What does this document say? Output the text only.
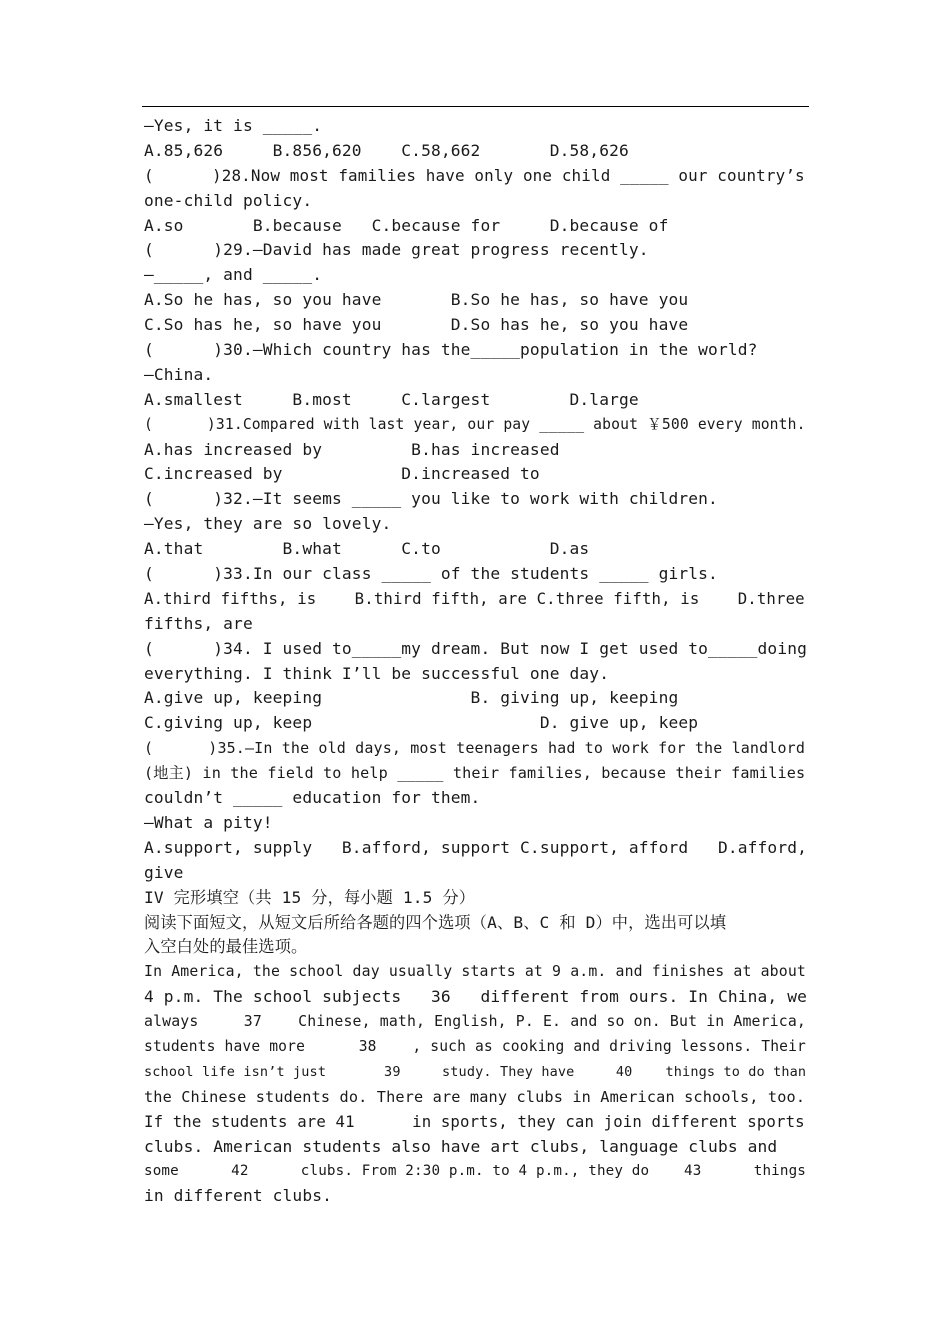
—Yes, it is _____.
A.85,626     B.856,620    C.58,662       D.58,626
(      )28.Now most families have only one child _____ our country’s
one-child policy.
A.so       B.because   C.because for     D.because of
(      )29.—David has made great progress recently.
—_____, and _____.
A.So he has, so you have       B.So he has, so have you
C.So has he, so have you       D.So has he, so you have
(      )30.—Which country has the_____population in the world?
—China.
A.smallest     B.most     C.largest        D.large
(      )31.Compared with last year, our pay _____ about ￥500 every month.
A.has increased by         B.has increased
C.increased by            D.increased to
(      )32.—It seems _____ you like to work with children.
—Yes, they are so lovely.
A.that        B.what      C.to           D.as
(      )33.In our class _____ of the students _____ girls.
A.third fifths, is    B.third fifth, are C.three fifth, is    D.three
fifths, are
(      )34. I used to_____my dream. But now I get used to_____doing
everything. I think I’ll be successful one day.
A.give up, keeping               B. giving up, keeping
C.giving up, keep                       D. give up, keep
(      )35.—In the old days, most teenagers had to work for the landlord
(地主) in the field to help _____ their families, because their families
couldn’t _____ education for them.
—What a pity!
A.support, supply   B.afford, support C.support, afford   D.afford,
give
IV 完形填空（共 15 分，每小题 1.5 分）
阅读下面短文，从短文后所给各题的四个选项（A、B、C 和 D）中，选出可以填
入空白处的最佳选项。
In America, the school day usually starts at 9 a.m. and finishes at about
4 p.m. The school subjects   36   different from ours. In China, we
always     37    Chinese, math, English, P. E. and so on. But in America,
students have more      38    , such as cooking and driving lessons. Their
school life isn’t just       39     study. They have     40    things to do than
the Chinese students do. There are many clubs in American schools, too.
If the students are 41      in sports, they can join different sports
clubs. American students also have art clubs, language clubs and
some      42      clubs. From 2:30 p.m. to 4 p.m., they do    43      things
in different clubs.
